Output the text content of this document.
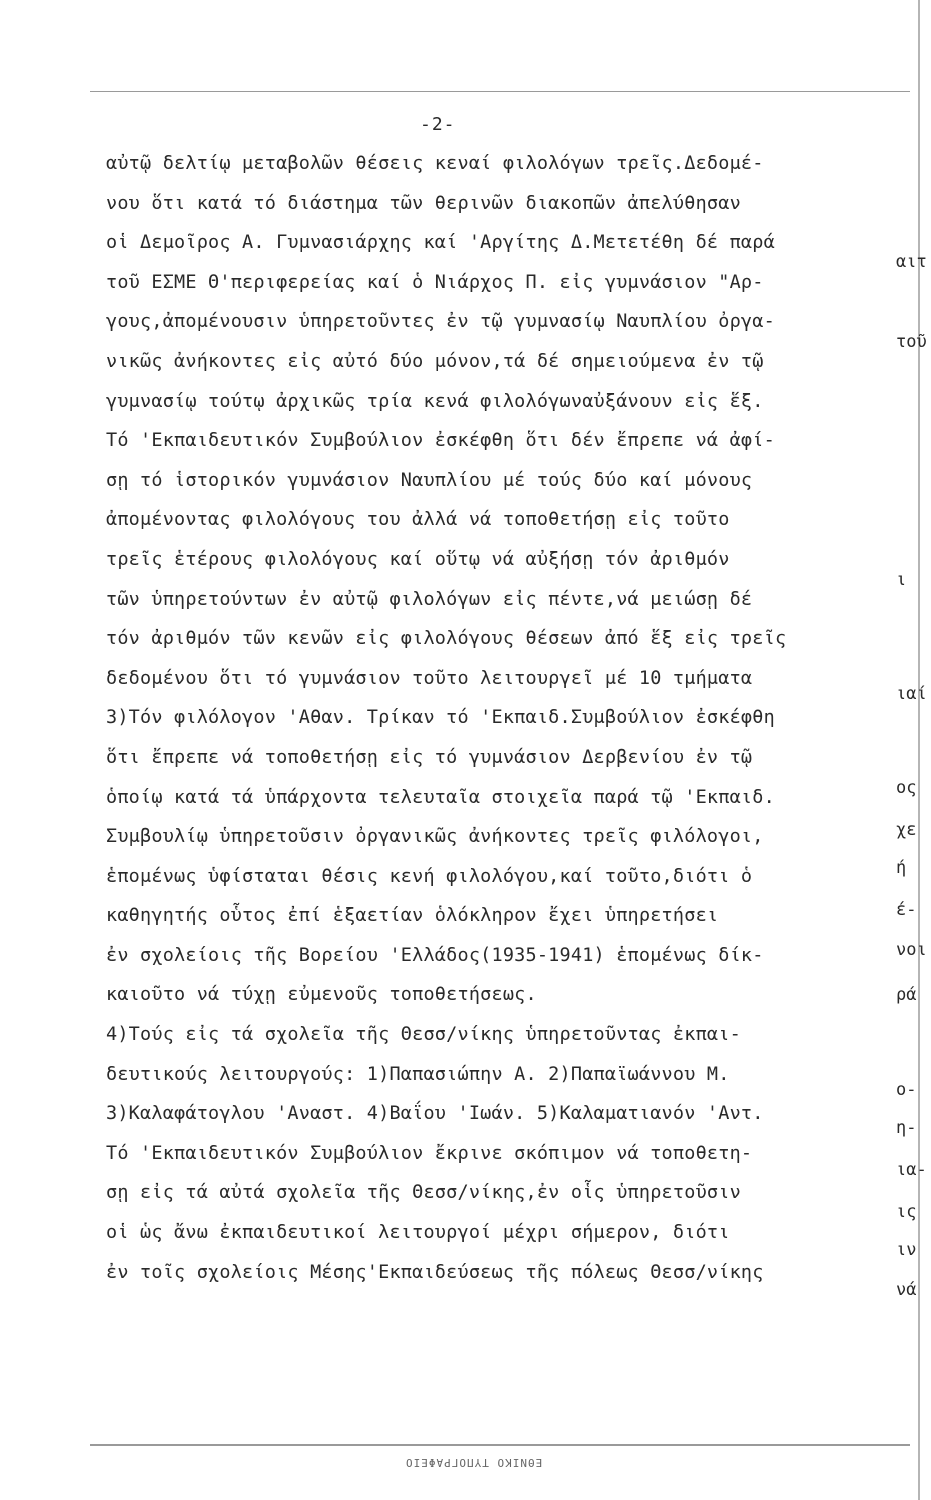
-2-
αὐτῷ δελτίῳ μεταβολῶν θέσεις κεναί φιλολόγων τρεῖς.Δεδομέ-
νου ὅτι κατά τό διάστημα τῶν θερινῶν διακοπῶν ἀπελύθησαν
οἱ Δεμοῖρος Α. Γυμνασιάρχης καί 'Αργίτης Δ.Μετετέθη δέ παρά
τοῦ ΕΣΜΕ Θ'περιφερείας καί ὁ Νιάρχος Π. εἰς γυμνάσιον "Αρ-
γους,ἀπομένουσιν ὑπηρετοῦντες ἐν τῷ γυμνασίῳ Ναυπλίου ὀργα-
νικῶς ἀνήκοντες εἰς αὐτό δύο μόνον,τά δέ σημειούμενα ἐν τῷ
γυμνασίῳ τούτῳ ἀρχικῶς τρία κενά φιλολόγωναὐξάνουν εἰς ἕξ.
Τό 'Εκπαιδευτικόν Συμβούλιον ἐσκέφθη ὅτι δέν ἔπρεπε νά ἀφί-
σῃ τό ἱστορικόν γυμνάσιον Ναυπλίου μέ τούς δύο καί μόνους
ἀπομένοντας φιλολόγους του ἀλλά νά τοποθετήσῃ εἰς τοῦτο
τρεῖς ἑτέρους φιλολόγους καί οὕτῳ νά αὐξήσῃ τόν ἀριθμόν
τῶν ὑπηρετούντων ἐν αὐτῷ φιλολόγων εἰς πέντε,νά μειώσῃ δέ
τόν ἀριθμόν τῶν κενῶν εἰς φιλολόγους θέσεων ἀπό ἕξ εἰς τρεῖς
δεδομένου ὅτι τό γυμνάσιον τοῦτο λειτουργεῖ μέ 10 τμήματα
3)Τόν φιλόλογον 'Αθαν. Τρίκαν τό 'Εκπαιδ.Συμβούλιον ἐσκέφθη
ὅτι ἔπρεπε νά τοποθετήσῃ εἰς τό γυμνάσιον Δερβενίου ἐν τῷ
ὁποίῳ κατά τά ὑπάρχοντα τελευταῖα στοιχεῖα παρά τῷ 'Εκπαιδ.
Συμβουλίῳ ὑπηρετοῦσιν ὀργανικῶς ἀνήκοντες τρεῖς φιλόλογοι,
ἑπομένως ὑφίσταται θέσις κενή φιλολόγου,καί τοῦτο,διότι ὁ
καθηγητής οὗτος ἐπί ἑξαετίαν ὁλόκληρον ἔχει ὑπηρετήσει
ἐν σχολείοις τῆς Βορείου 'Ελλάδος(1935-1941) ἑπομένως δίκ-
καιοῦτο νά τύχῃ εὐμενοῦς τοποθετήσεως.
4)Τούς εἰς τά σχολεῖα τῆς Θεσσ/νίκης ὑπηρετοῦντας ἐκπαι-
δευτικούς λειτουργούς: 1)Παπασιώπην Α. 2)Παπαϊωάννου Μ.
3)Καλαφάτογλου 'Αναστ. 4)Βαΐου 'Ιωάν. 5)Καλαματιανόν 'Αντ.
Τό 'Εκπαιδευτικόν Συμβούλιον ἔκρινε σκόπιμον νά τοποθετη-
σῃ εἰς τά αὐτά σχολεῖα τῆς Θεσσ/νίκης,ἐν οἷς ὑπηρετοῦσιν
οἱ ὡς ἄνω ἐκπαιδευτικοί λειτουργοί μέχρι σήμερον, διότι
ἐν τοῖς σχολείοις Μέσης'Εκπαιδεύσεως τῆς πόλεως Θεσσ/νίκης
αιτ
τοῦ
ι
ιαί
ος
χε
ή
έ-
νοι
ρά
ο-
η-
ια-
ις
ιν
νά
ΕΘΝΙΚΟ ΤΥΠΟΓΡΑΦΕΙΟ
